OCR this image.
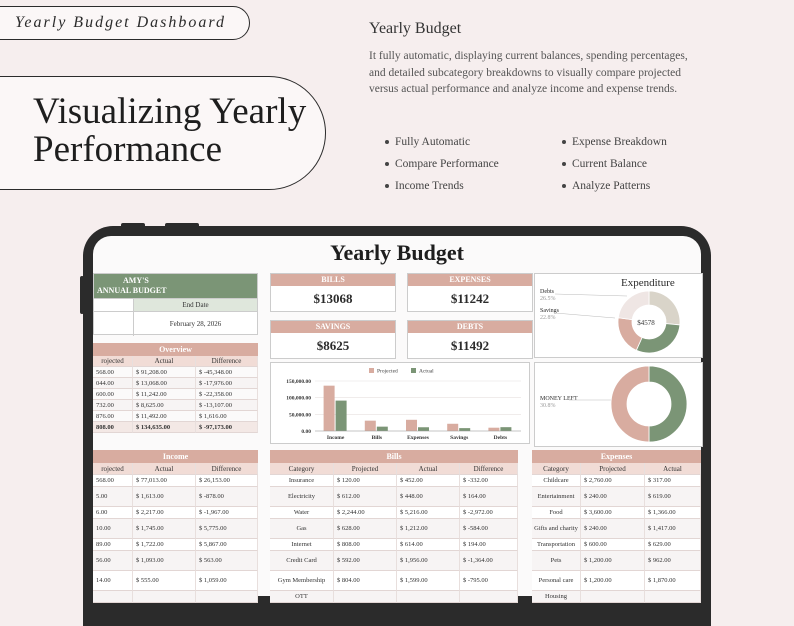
Yearly Budget Dashboard
Visualizing Yearly
Performance
Yearly Budget
It fully automatic, displaying current balances, spending percentages, and detailed subcategory breakdowns to visually compare projected versus actual performance and analyze income and expense trends.
Fully Automatic	Expense Breakdown
Compare Performance	Current Balance
Income Trends	Analyze Patterns
Yearly Budget
AMY'S
ANNUAL BUDGET
End Date
February 28, 2026
Overview
rojected	Actual	Difference
568.00	$ 91,208.00	$ -45,348.00
044.00	$ 13,068.00	$ -17,976.00
600.00	$ 11,242.00	$ -22,358.00
732.00	$ 8,625.00	$ -13,107.00
876.00	$ 11,492.00	$ 1,616.00
808.00	$ 134,635.00	$ -97,173.00
BILLS
$13068
EXPENSES
$11242
SAVINGS
$8625
DEBTS
$11492
150,000.00
100,000.00
50,000.00
0.00
Projected	Actual
Income	Bills	Expenses	Savings	Debts
Expenditure
Debts
26.5%
Savings
22.8%
$4578
MONEY LEFT
30.8%
Income
rojected	Actual	Difference
568.00	$ 77,013.00	$ 26,153.00
5.00	$ 1,613.00	$ -878.00
6.00	$ 2,217.00	$ -1,967.00
10.00	$ 1,745.00	$ 5,775.00
89.00	$ 1,722.00	$ 5,867.00
56.00	$ 1,093.00	$ 563.00
14.00	$ 555.00	$ 1,059.00
Bills
Category	Projected	Actual	Difference
Insurance	$ 120.00	$ 452.00	$ -332.00
Electricity	$ 612.00	$ 448.00	$ 164.00
Water	$ 2,244.00	$ 5,216.00	$ -2,972.00
Gas	$ 628.00	$ 1,212.00	$ -584.00
Internet	$ 808.00	$ 614.00	$ 194.00
Credit Card	$ 592.00	$ 1,956.00	$ -1,364.00
Gym Membership	$ 804.00	$ 1,599.00	$ -795.00
OTT
Expenses
Category	Projected	Actual
Childcare	$ 2,760.00	$ 317.00
Entertainment	$ 240.00	$ 619.00
Food	$ 3,600.00	$ 1,366.00
Gifts and charity $ 240.00	$ 1,417.00
Transportation	$ 600.00	$ 629.00
Pets	$ 1,200.00	$ 962.00
Personal care	$ 1,200.00	$ 1,870.00
Housing
